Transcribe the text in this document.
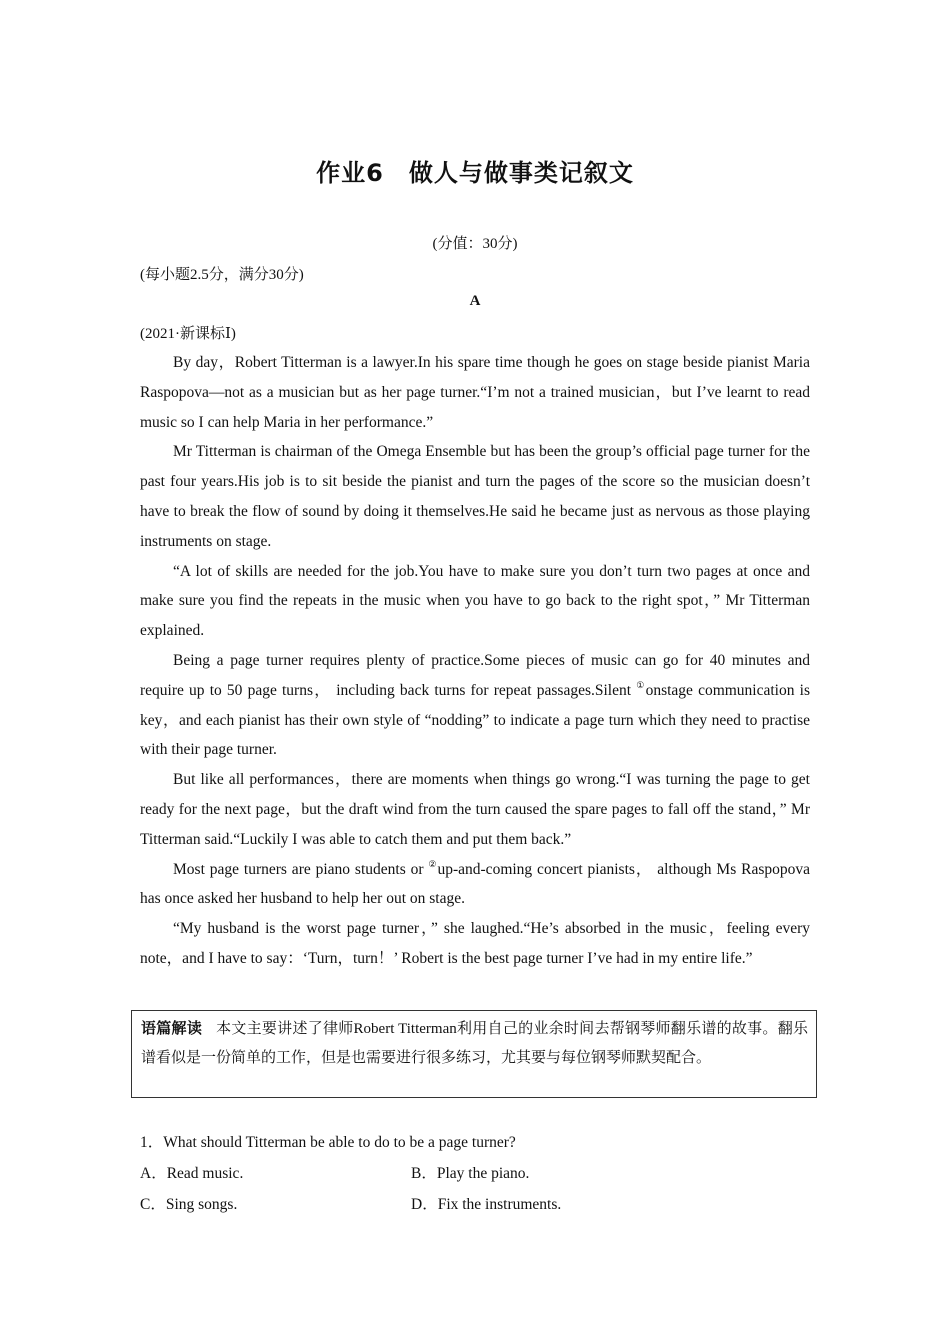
作业6　做人与做事类记叙文
(分值：30分)
(每小题2.5分，满分30分)
A
(2021·新课标Ⅰ)

By day，Robert Titterman is a lawyer.In his spare time though he goes on stage beside pianist Maria Raspopova—not as a musician but as her page turner.“I’m not a trained musician，but I’ve learnt to read music so I can help Maria in her performance.”

Mr Titterman is chairman of the Omega Ensemble but has been the group’s official page turner for the past four years.His job is to sit beside the pianist and turn the pages of the score so the musician doesn’t have to break the flow of sound by doing it themselves.He said he became just as nervous as those playing instruments on stage.

“A lot of skills are needed for the job.You have to make sure you don’t turn two pages at once and make sure you find the repeats in the music when you have to go back to the right spot，” Mr Titterman explained.

Being a page turner requires plenty of practice.Some pieces of music can go for 40 minutes and require up to 50 page turns， including back turns for repeat passages.Silent ①onstage communication is key，and each pianist has their own style of “nodding” to indicate a page turn which they need to practise with their page turner.

But like all performances，there are moments when things go wrong.“I was turning the page to get ready for the next page，but the draft wind from the turn caused the spare pages to fall off the stand，” Mr Titterman said.“Luckily I was able to catch them and put them back.”

Most page turners are piano students or ②up-and-coming concert pianists， although Ms Raspopova has once asked her husband to help her out on stage.

“My husband is the worst page turner，” she laughed.“He’s absorbed in the music，feeling every note，and I have to say：‘Turn，turn！’ Robert is the best page turner I’ve had in my entire life.”

语篇解读 本文主要讲述了律师Robert Titterman利用自己的业余时间去帮钢琴师翻乐谱的故事。翻乐谱看似是一份简单的工作，但是也需要进行很多练习，尤其要与每位钢琴师默契配合。
1．What should Titterman be able to do to be a page turner?
A．Read music.	B．Play the piano.
C．Sing songs.	D．Fix the instruments.
